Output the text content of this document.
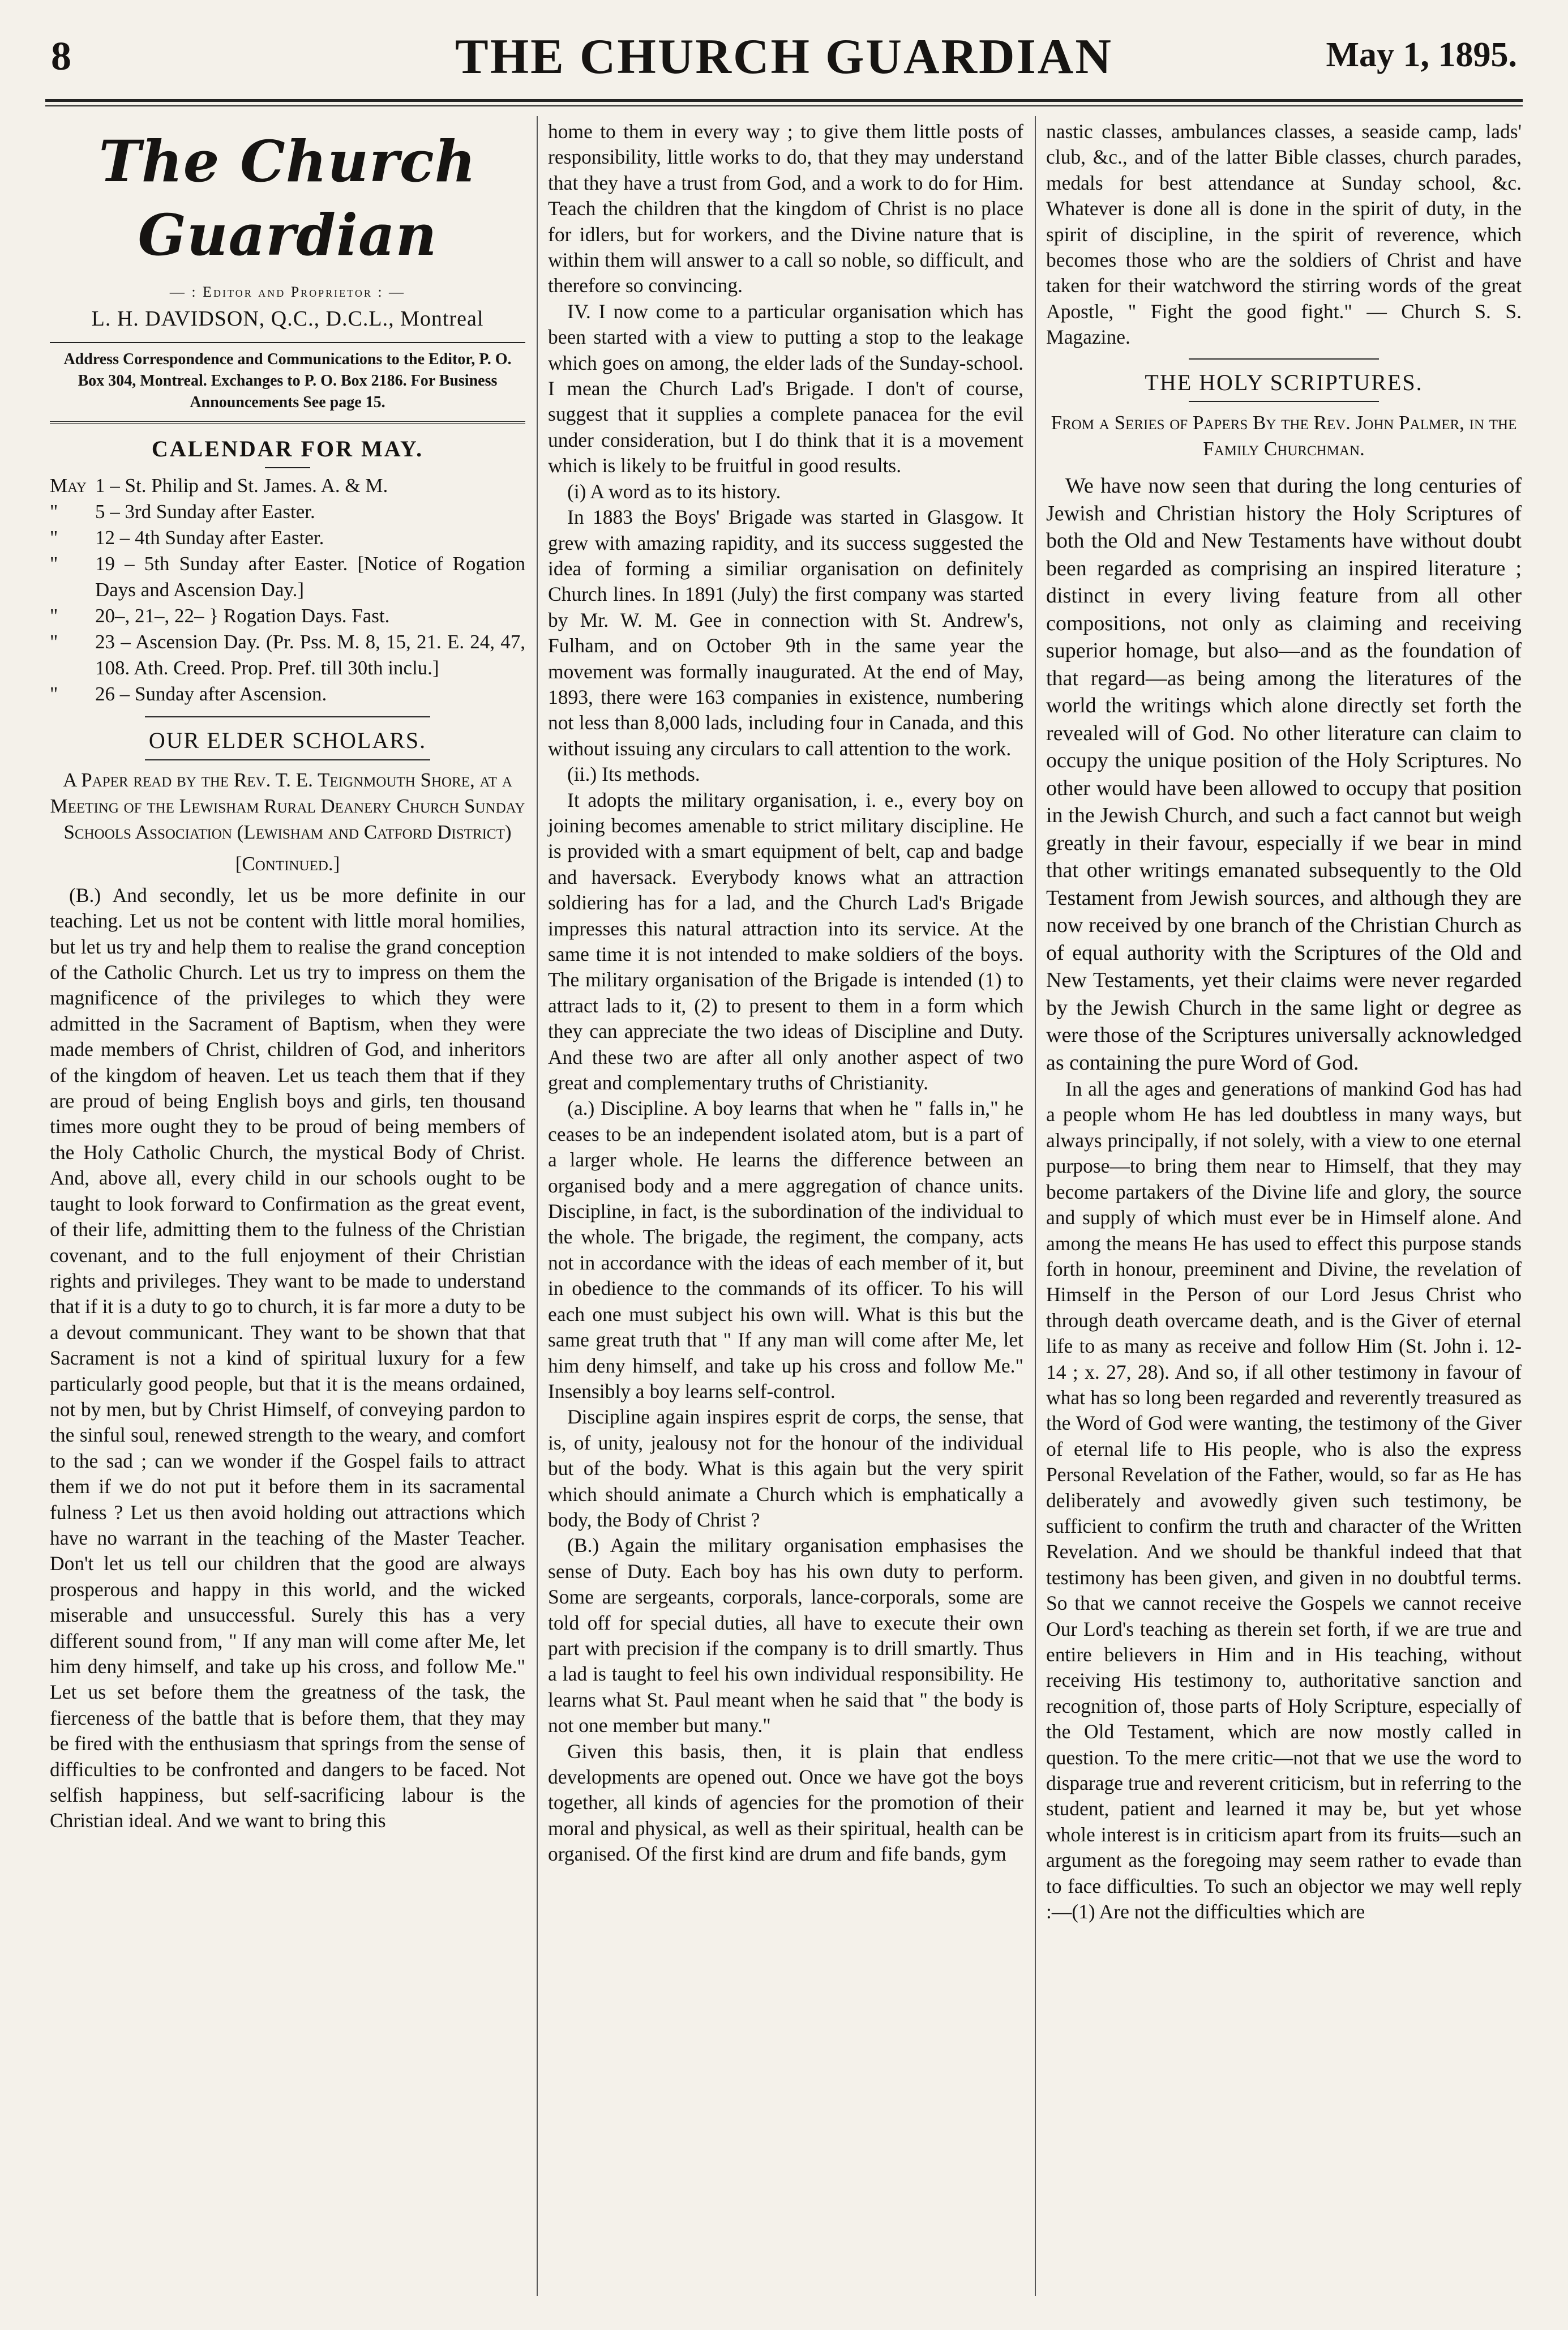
8	THE CHURCH GUARDIAN	May 1, 1895.
The Church Guardian
— : Editor and Proprietor : —
L. H. DAVIDSON, Q.C., D.C.L., Montreal
Address Correspondence and Communications to the Editor, P. O. Box 304, Montreal. Exchanges to P. O. Box 2186. For Business Announcements See page 15.
CALENDAR FOR MAY.
May 1 – St. Philip and St. James. A. & M.
"	5 – 3rd Sunday after Easter.
"	12 – 4th Sunday after Easter.
"	19 – 5th Sunday after Easter. [Notice of Rogation Days and Ascension Day.]
"	20–, 21–, 22– } Rogation Days. Fast.
"	23 – Ascension Day. (Pr. Pss. M. 8, 15, 21. E. 24, 47, 108. Ath. Creed. Prop. Pref. till 30th inclu.]
"	26 – Sunday after Ascension.
OUR ELDER SCHOLARS.
A Paper read by the Rev. T. E. Teignmouth Shore, at a Meeting of the Lewisham Rural Deanery Church Sunday Schools Association (Lewisham and Catford District)
[Continued.]

(B.) And secondly, let us be more definite in our teaching. Let us not be content with little moral homilies, but let us try and help them to realise the grand conception of the Catholic Church. Let us try to impress on them the magnificence of the privileges to which they were admitted in the Sacrament of Baptism, when they were made members of Christ, children of God, and inheritors of the kingdom of heaven. Let us teach them that if they are proud of being English boys and girls, ten thousand times more ought they to be proud of being members of the Holy Catholic Church, the mystical Body of Christ. And, above all, every child in our schools ought to be taught to look forward to Confirmation as the great event, of their life, admitting them to the fulness of the Christian covenant, and to the full enjoyment of their Christian rights and privileges. They want to be made to understand that if it is a duty to go to church, it is far more a duty to be a devout communicant. They want to be shown that that Sacrament is not a kind of spiritual luxury for a few particularly good people, but that it is the means ordained, not by men, but by Christ Himself, of conveying pardon to the sinful soul, renewed strength to the weary, and comfort to the sad ; can we wonder if the Gospel fails to attract them if we do not put it before them in its sacramental fulness ? Let us then avoid holding out attractions which have no warrant in the teaching of the Master Teacher. Don't let us tell our children that the good are always prosperous and happy in this world, and the wicked miserable and unsuccessful. Surely this has a very different sound from, " If any man will come after Me, let him deny himself, and take up his cross, and follow Me." Let us set before them the greatness of the task, the fierceness of the battle that is before them, that they may be fired with the enthusiasm that springs from the sense of difficulties to be confronted and dangers to be faced. Not selfish happiness, but self-sacrificing labour is the Christian ideal. And we want to bring this

home to them in every way ; to give them little posts of responsibility, little works to do, that they may understand that they have a trust from God, and a work to do for Him. Teach the children that the kingdom of Christ is no place for idlers, but for workers, and the Divine nature that is within them will answer to a call so noble, so difficult, and therefore so convincing.

IV. I now come to a particular organisation which has been started with a view to putting a stop to the leakage which goes on among, the elder lads of the Sunday-school. I mean the Church Lad's Brigade. I don't of course, suggest that it supplies a complete panacea for the evil under consideration, but I do think that it is a movement which is likely to be fruitful in good results.

(i) A word as to its history.

In 1883 the Boys' Brigade was started in Glasgow. It grew with amazing rapidity, and its success suggested the idea of forming a similiar organisation on definitely Church lines. In 1891 (July) the first company was started by Mr. W. M. Gee in connection with St. Andrew's, Fulham, and on October 9th in the same year the movement was formally inaugurated. At the end of May, 1893, there were 163 companies in existence, numbering not less than 8,000 lads, including four in Canada, and this without issuing any circulars to call attention to the work.

(ii.) Its methods.

It adopts the military organisation, i. e., every boy on joining becomes amenable to strict military discipline. He is provided with a smart equipment of belt, cap and badge and haversack. Everybody knows what an attraction soldiering has for a lad, and the Church Lad's Brigade impresses this natural attraction into its service. At the same time it is not intended to make soldiers of the boys. The military organisation of the Brigade is intended (1) to attract lads to it, (2) to present to them in a form which they can appreciate the two ideas of Discipline and Duty. And these two are after all only another aspect of two great and complementary truths of Christianity.

(a.) Discipline. A boy learns that when he " falls in," he ceases to be an independent isolated atom, but is a part of a larger whole. He learns the difference between an organised body and a mere aggregation of chance units. Discipline, in fact, is the subordination of the individual to the whole. The brigade, the regiment, the company, acts not in accordance with the ideas of each member of it, but in obedience to the commands of its officer. To his will each one must subject his own will. What is this but the same great truth that " If any man will come after Me, let him deny himself, and take up his cross and follow Me." Insensibly a boy learns self-control.

Discipline again inspires esprit de corps, the sense, that is, of unity, jealousy not for the honour of the individual but of the body. What is this again but the very spirit which should animate a Church which is emphatically a body, the Body of Christ ?

(B.) Again the military organisation emphasises the sense of Duty. Each boy has his own duty to perform. Some are sergeants, corporals, lance-corporals, some are told off for special duties, all have to execute their own part with precision if the company is to drill smartly. Thus a lad is taught to feel his own individual responsibility. He learns what St. Paul meant when he said that " the body is not one member but many."

Given this basis, then, it is plain that endless developments are opened out. Once we have got the boys together, all kinds of agencies for the promotion of their moral and physical, as well as their spiritual, health can be organised. Of the first kind are drum and fife bands, gym

nastic classes, ambulances classes, a seaside camp, lads' club, &c., and of the latter Bible classes, church parades, medals for best attendance at Sunday school, &c. Whatever is done all is done in the spirit of duty, in the spirit of discipline, in the spirit of reverence, which becomes those who are the soldiers of Christ and have taken for their watchword the stirring words of the great Apostle, " Fight the good fight." — Church S. S. Magazine.

THE HOLY SCRIPTURES.
From a Series of Papers By the Rev. John Palmer, in the Family Churchman.

We have now seen that during the long centuries of Jewish and Christian history the Holy Scriptures of both the Old and New Testaments have without doubt been regarded as comprising an inspired literature ; distinct in every living feature from all other compositions, not only as claiming and receiving superior homage, but also—and as the foundation of that regard—as being among the literatures of the world the writings which alone directly set forth the revealed will of God. No other literature can claim to occupy the unique position of the Holy Scriptures. No other would have been allowed to occupy that position in the Jewish Church, and such a fact cannot but weigh greatly in their favour, especially if we bear in mind that other writings emanated subsequently to the Old Testament from Jewish sources, and although they are now received by one branch of the Christian Church as of equal authority with the Scriptures of the Old and New Testaments, yet their claims were never regarded by the Jewish Church in the same light or degree as were those of the Scriptures universally acknowledged as containing the pure Word of God.

In all the ages and generations of mankind God has had a people whom He has led doubtless in many ways, but always principally, if not solely, with a view to one eternal purpose—to bring them near to Himself, that they may become partakers of the Divine life and glory, the source and supply of which must ever be in Himself alone. And among the means He has used to effect this purpose stands forth in honour, preeminent and Divine, the revelation of Himself in the Person of our Lord Jesus Christ who through death overcame death, and is the Giver of eternal life to as many as receive and follow Him (St. John i. 12-14 ; x. 27, 28). And so, if all other testimony in favour of what has so long been regarded and reverently treasured as the Word of God were wanting, the testimony of the Giver of eternal life to His people, who is also the express Personal Revelation of the Father, would, so far as He has deliberately and avowedly given such testimony, be sufficient to confirm the truth and character of the Written Revelation. And we should be thankful indeed that that testimony has been given, and given in no doubtful terms. So that we cannot receive the Gospels we cannot receive Our Lord's teaching as therein set forth, if we are true and entire believers in Him and in His teaching, without receiving His testimony to, authoritative sanction and recognition of, those parts of Holy Scripture, especially of the Old Testament, which are now mostly called in question. To the mere critic—not that we use the word to disparage true and reverent criticism, but in referring to the student, patient and learned it may be, but yet whose whole interest is in criticism apart from its fruits—such an argument as the foregoing may seem rather to evade than to face difficulties. To such an objector we may well reply :—(1) Are not the difficulties which are
